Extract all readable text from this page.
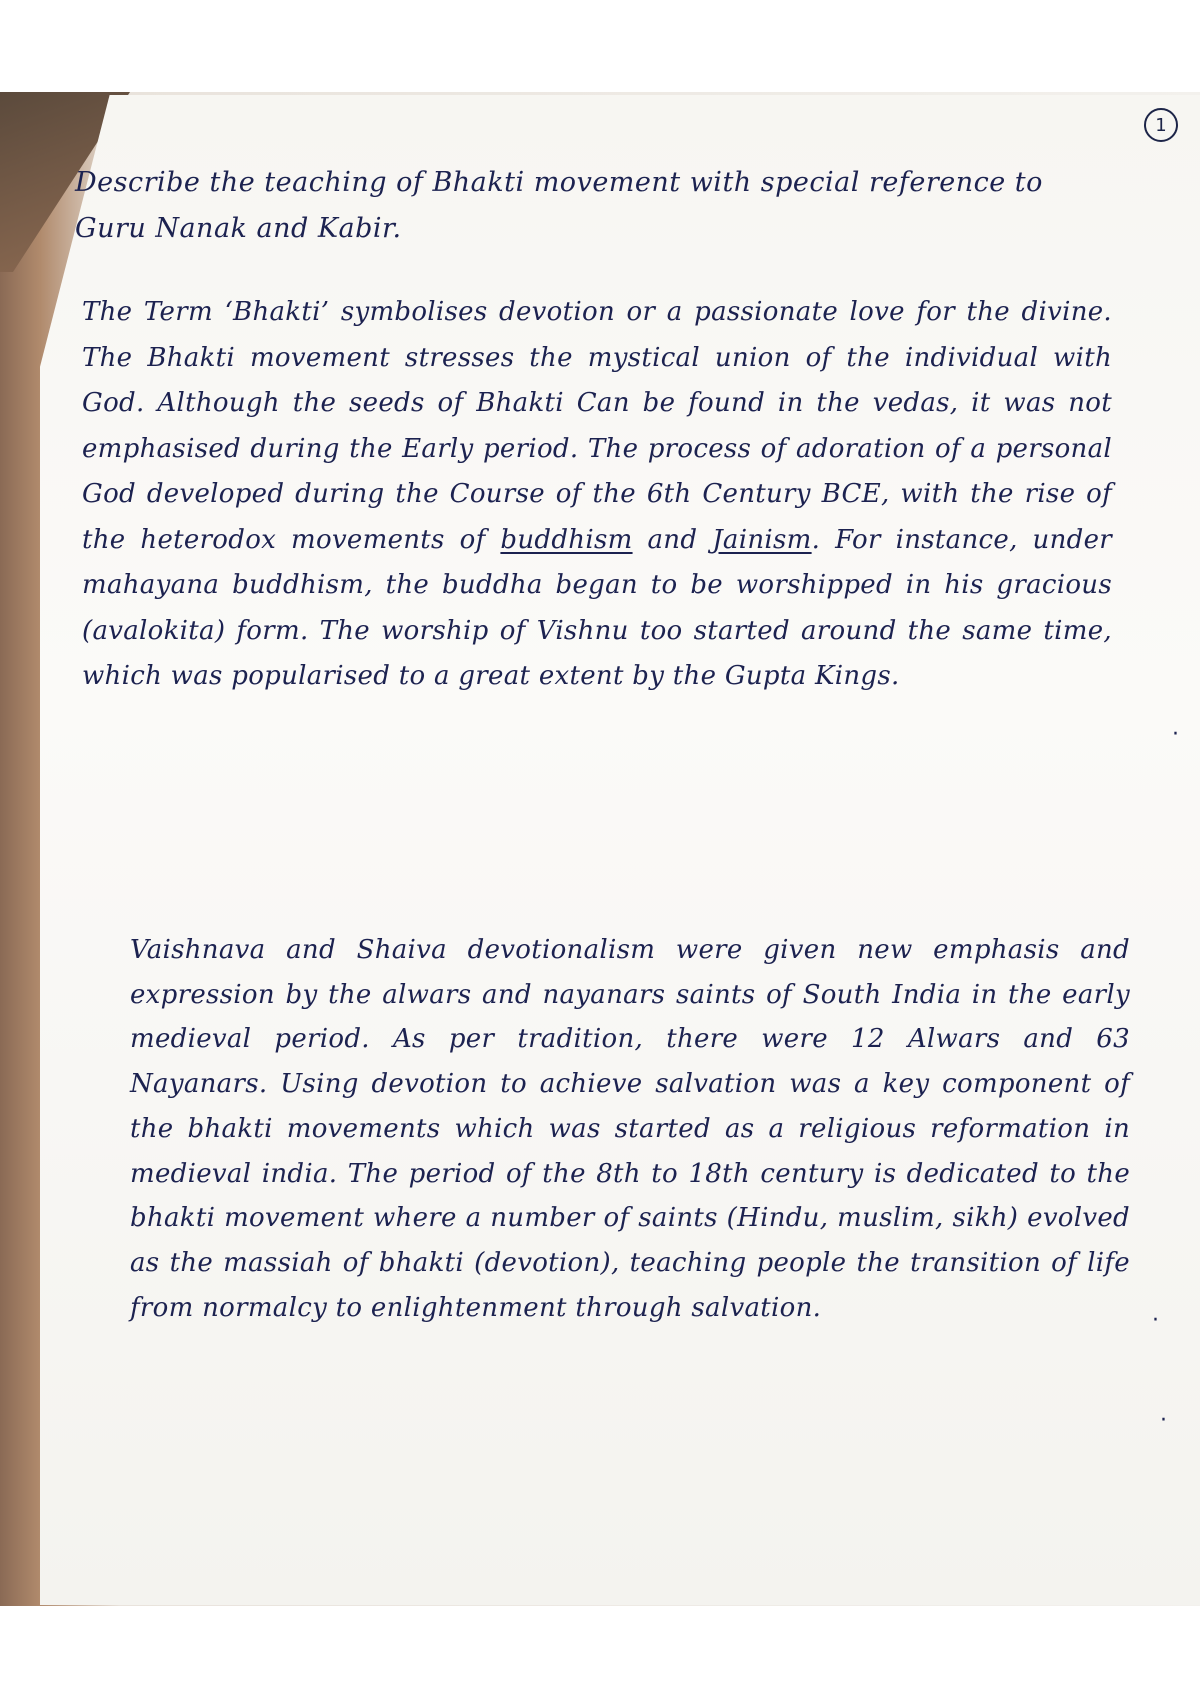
1
Describe the teaching of Bhakti movement with special reference to Guru Nanak and Kabir.
The Term ‘Bhakti’ symbolises devotion or a passionate love for the divine. The Bhakti movement stresses the mystical union of the individual with God. Although the seeds of Bhakti Can be found in the vedas, it was not emphasised during the Early period. The process of adoration of a personal God developed during the Course of the 6th Century BCE, with the rise of the heterodox movements of buddhism and Jainism. For instance, under mahayana buddhism, the buddha began to be worshipped in his gracious (avalokita) form. The worship of Vishnu too started around the same time, which was popularised to a great extent by the Gupta Kings.
Vaishnava and Shaiva devotionalism were given new emphasis and expression by the alwars and nayanars saints of South India in the early medieval period. As per tradition, there were 12 Alwars and 63 Nayanars. Using devotion to achieve salvation was a key component of the bhakti movements which was started as a religious reformation in medieval india. The period of the 8th to 18th century is dedicated to the bhakti movement where a number of saints (Hindu, muslim, sikh) evolved as the massiah of bhakti (devotion), teaching people the transition of life from normalcy to enlightenment through salvation.
·
·
·
